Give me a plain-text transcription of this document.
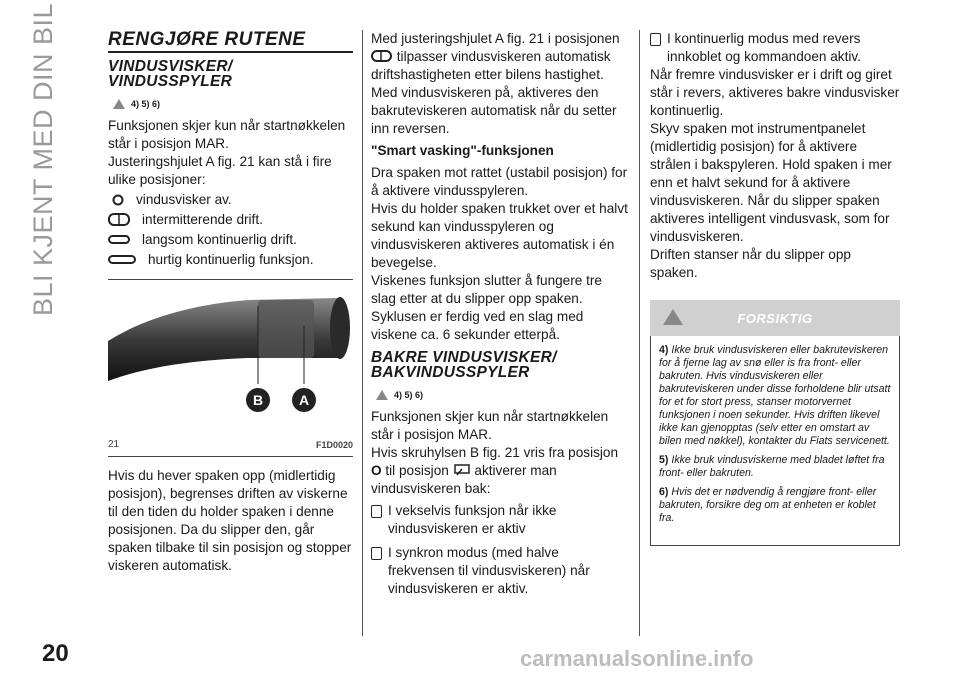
BLI KJENT MED DIN BIL	RENGJØRE RUTENE
VINDUSVISKER/
VINDUSSPYLER
4) 5) 6)

Funksjonen skjer kun når startnøkkelen står i posisjon MAR.

Justeringshjulet A fig. 21 kan stå i fire ulike posisjoner:

vindusvisker av.
intermitterende drift.
langsom kontinuerlig drift.
hurtig kontinuerlig funksjon.
B	A
21	F1D0020

Hvis du hever spaken opp (midlertidig posisjon), begrenses driften av viskerne til den tiden du holder spaken i denne posisjonen. Da du slipper den, går spaken tilbake til sin posisjon og stopper viskeren automatisk.

Med justeringshjulet A fig. 21 i posisjonen  tilpasser vindusviskeren automatisk driftshastigheten etter bilens hastighet.

Med vindusviskeren på, aktiveres den bakruteviskeren automatisk når du setter inn reversen.

"Smart vasking"-funksjonen

Dra spaken mot rattet (ustabil posisjon) for å aktivere vindusspyleren.

Hvis du holder spaken trukket over et halvt sekund kan vindusspyleren og vindusviskeren aktiveres automatisk i én bevegelse.

Viskenes funksjon slutter å fungere tre slag etter at du slipper opp spaken. Syklusen er ferdig ved en slag med viskene ca. 6 sekunder etterpå.

BAKRE VINDUSVISKER/
BAKVINDUSSPYLER
4) 5) 6)

Funksjonen skjer kun når startnøkkelen står i posisjon MAR.

Hvis skruhylsen B fig. 21 vris fra posisjon O til posisjon aktiverer man vindusviskeren bak:

I vekselvis funksjon når ikke vindusviskeren er aktiv
I synkron modus (med halve frekvensen til vindusviskeren) når vindusviskeren er aktiv.
I kontinuerlig modus med revers innkoblet og kommandoen aktiv.

Når fremre vindusvisker er i drift og giret står i revers, aktiveres bakre vindusvisker kontinuerlig.

Skyv spaken mot instrumentpanelet (midlertidig posisjon) for å aktivere strålen i bakspyleren. Hold spaken i mer enn et halvt sekund for å aktivere vindusviskeren. Når du slipper spaken aktiveres intelligent vindusvask, som for vindusviskeren.

Driften stanser når du slipper opp spaken.

FORSIKTIG

4) Ikke bruk vindusviskeren eller bakruteviskeren for å fjerne lag av snø eller is fra front- eller bakruten. Hvis vindusviskeren eller bakruteviskeren under disse forholdene blir utsatt for et for stort press, stanser motorvernet funksjonen i noen sekunder. Hvis driften likevel ikke kan gjenopptas (selv etter en omstart av bilen med nøkkel), kontakter du Fiats servicenett.

5) Ikke bruk vindusviskerne med bladet løftet fra front- eller bakruten.

6) Hvis det er nødvendig å rengjøre front- eller bakruten, forsikre deg om at enheten er koblet fra.

20	carmanualsonline.info
